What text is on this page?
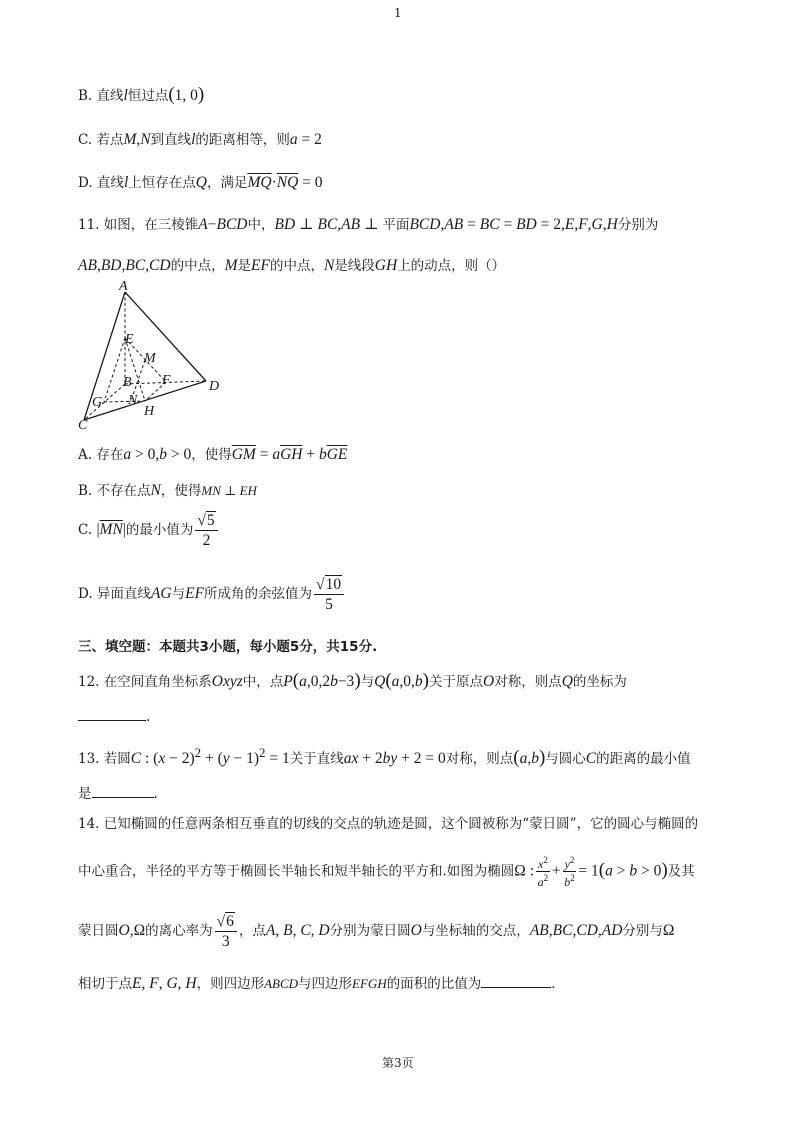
1
B. 直线l恒过点(1, 0)
C. 若点M,N到直线l的距离相等，则a = 2
D. 直线l上恒存在点Q，满足$\overline{MQ}\cdot\overline{NQ} = 0$
11. 如图，在三棱锥A−BCD中，BD ⊥ BC,AB ⊥ 平面BCD,AB = BC = BD = 2,E,F,G,H分别为
AB,BD,BC,CD的中点，M是EF的中点，N是线段GH上的动点，则（）
A
E
M
B F	D
G N
H
C
A. 存在a > 0,b > 0，使得$\overline{GM} = a\overline{GH} + b\overline{GE}$
B. 不存在点N，使得MN ⊥ EH
C. $|\overline{MN}|$的最小值为 $\frac{√5}{2}$
D. 异面直线AG与EF所成角的余弦值为 $\frac{√10}{5}$
三、填空题：本题共3小题，每小题5分，共15分.
12. 在空间直角坐标系Oxyz中，点P(a,0,2b−3)与Q(a,0,b)关于原点O对称，则点Q的坐标为
.
13. 若圆C : $(x - 2)^2 + (y - 1)^2 = 1$关于直线ax + 2by + 2 = 0对称，则点(a,b)与圆心C的距离的最小值
是	.
14. 已知椭圆的任意两条相互垂直的切线的交点的轨迹是圆，这个圆被称为“蒙日圆”，它的圆心与椭圆的
中心重合，半径的平方等于椭圆长半轴长和短半轴长的平方和.如图为椭圆Ω : $\frac{x^2}{a^2} + \frac{y^2}{b^2} = 1(a > b > 0)$及其
蒙日圆O,Ω的离心率为 $\frac{√6}{3}$ ，点A, B, C, D分别为蒙日圆O与坐标轴的交点，AB,BC,CD,AD分别与Ω
相切于点E, F, G, H，则四边形ABCD与四边形EFGH的面积的比值为	.
第3页
